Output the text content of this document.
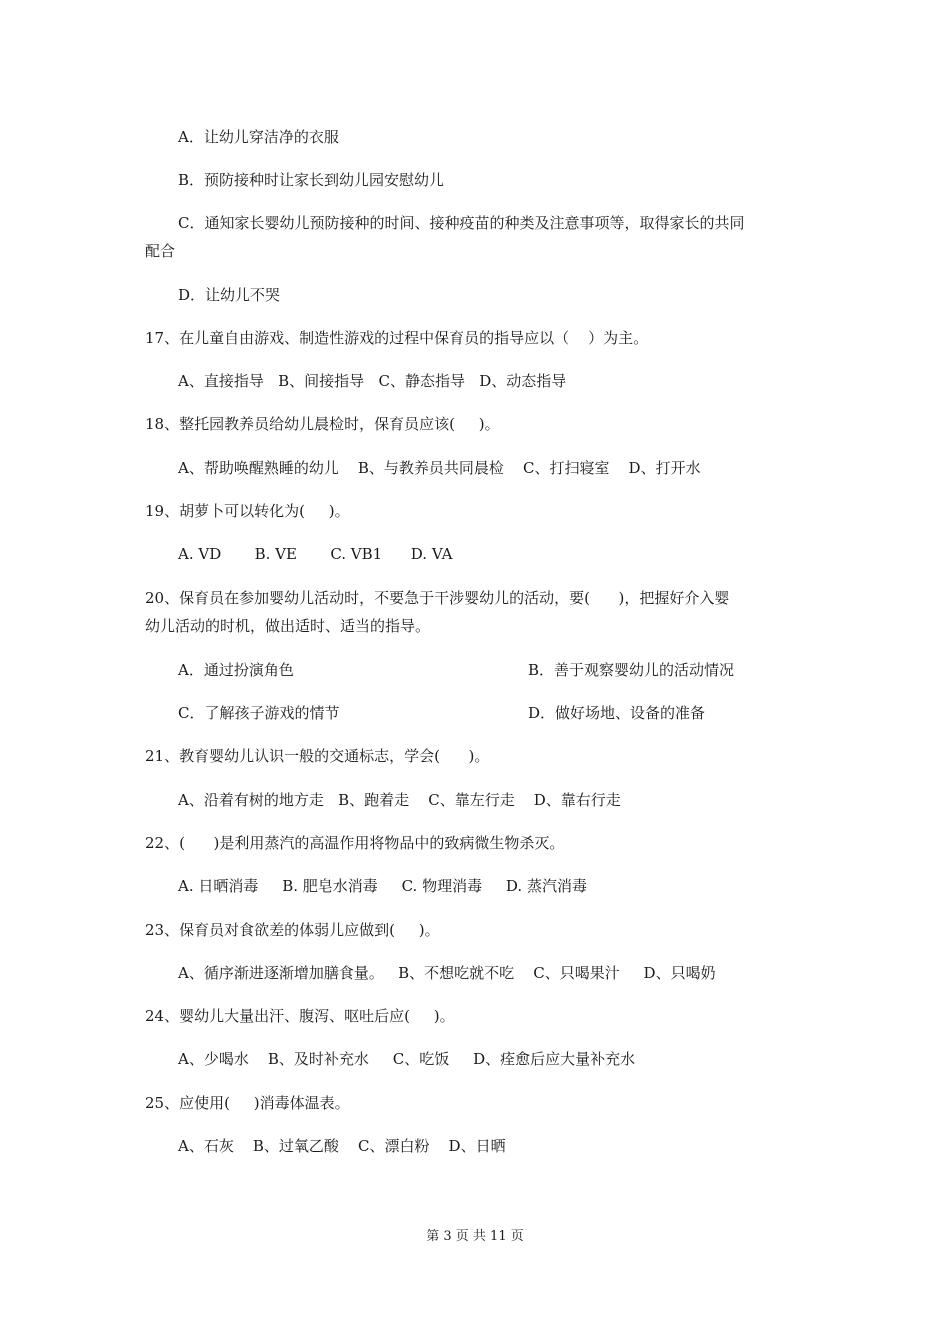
A．让幼儿穿洁净的衣服
B．预防接种时让家长到幼儿园安慰幼儿
C．通知家长婴幼儿预防接种的时间、接种疫苗的种类及注意事项等，取得家长的共同
配合
D．让幼儿不哭
17、在儿童自由游戏、制造性游戏的过程中保育员的指导应以（    ）为主。
A、直接指导   B、间接指导   C、静态指导   D、动态指导
18、整托园教养员给幼儿晨检时，保育员应该(     )。
A、帮助唤醒熟睡的幼儿    B、与教养员共同晨检    C、打扫寝室    D、打开水
19、胡萝卜可以转化为(     )。
A. VD       B. VE       C. VB1      D. VA
20、保育员在参加婴幼儿活动时，不要急于干涉婴幼儿的活动，要(      )，把握好介入婴
幼儿活动的时机，做出适时、适当的指导。
A．通过扮演角色	B．善于观察婴幼儿的活动情况
C．了解孩子游戏的情节	D．做好场地、设备的准备
21、教育婴幼儿认识一般的交通标志，学会(      )。
A、沿着有树的地方走   B、跑着走    C、靠左行走    D、靠右行走
22、(      )是利用蒸汽的高温作用将物品中的致病微生物杀灭。
A. 日晒消毒     B. 肥皂水消毒     C. 物理消毒     D. 蒸汽消毒
23、保育员对食欲差的体弱儿应做到(     )。
A、循序渐进逐渐增加膳食量。   B、不想吃就不吃    C、只喝果汁     D、只喝奶
24、婴幼儿大量出汗、腹泻、呕吐后应(     )。
A、少喝水    B、及时补充水     C、吃饭     D、痊愈后应大量补充水
25、应使用(     )消毒体温表。
A、石灰    B、过氧乙酸    C、漂白粉    D、日晒
第 3 页 共 11 页
